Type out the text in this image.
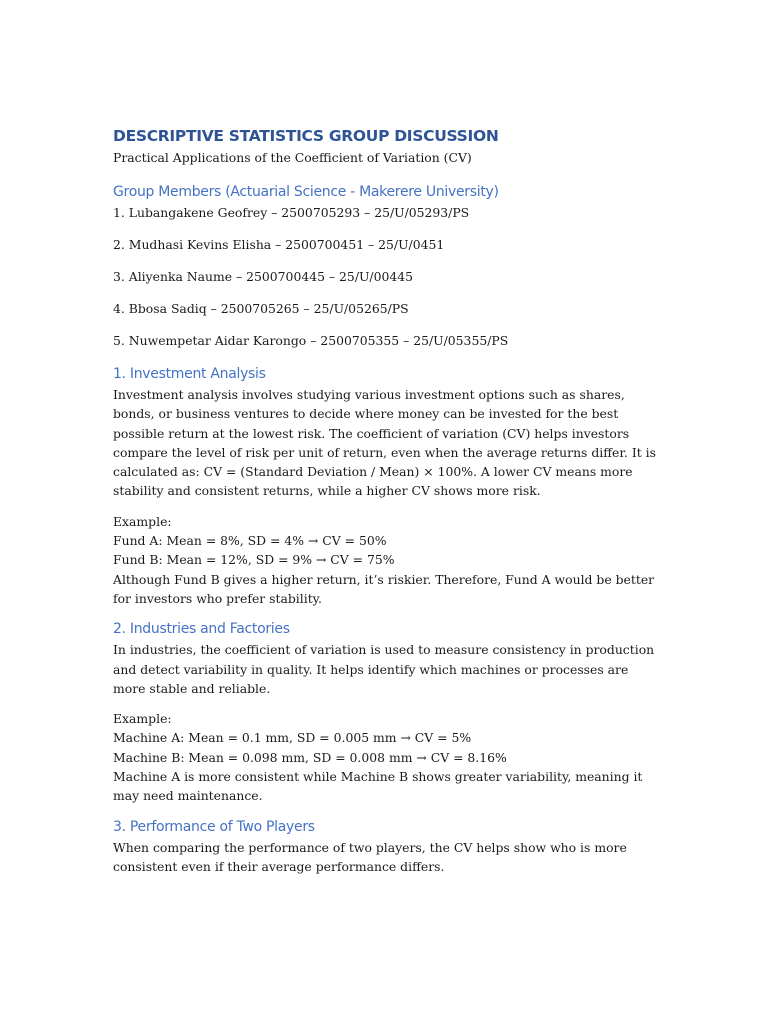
DESCRIPTIVE STATISTICS GROUP DISCUSSION

Practical Applications of the Coefficient of Variation (CV)

Group Members (Actuarial Science - Makerere University)

1. Lubangakene Geofrey – 2500705293 – 25/U/05293/PS

2. Mudhasi Kevins Elisha – 2500700451 – 25/U/0451

3. Aliyenka Naume – 2500700445 – 25/U/00445

4. Bbosa Sadiq – 2500705265 – 25/U/05265/PS

5. Nuwempetar Aidar Karongo – 2500705355 – 25/U/05355/PS

1. Investment Analysis

Investment analysis involves studying various investment options such as shares, bonds, or business ventures to decide where money can be invested for the best possible return at the lowest risk. The coefficient of variation (CV) helps investors compare the level of risk per unit of return, even when the average returns differ. It is calculated as: CV = (Standard Deviation / Mean) × 100%. A lower CV means more stability and consistent returns, while a higher CV shows more risk.

Example:

Fund A: Mean = 8%, SD = 4% → CV = 50%

Fund B: Mean = 12%, SD = 9% → CV = 75%

Although Fund B gives a higher return, it’s riskier. Therefore, Fund A would be better for investors who prefer stability.

2. Industries and Factories

In industries, the coefficient of variation is used to measure consistency in production and detect variability in quality. It helps identify which machines or processes are more stable and reliable.

Example:

Machine A: Mean = 0.1 mm, SD = 0.005 mm → CV = 5%

Machine B: Mean = 0.098 mm, SD = 0.008 mm → CV = 8.16%

Machine A is more consistent while Machine B shows greater variability, meaning it may need maintenance.

3. Performance of Two Players

When comparing the performance of two players, the CV helps show who is more consistent even if their average performance differs.
